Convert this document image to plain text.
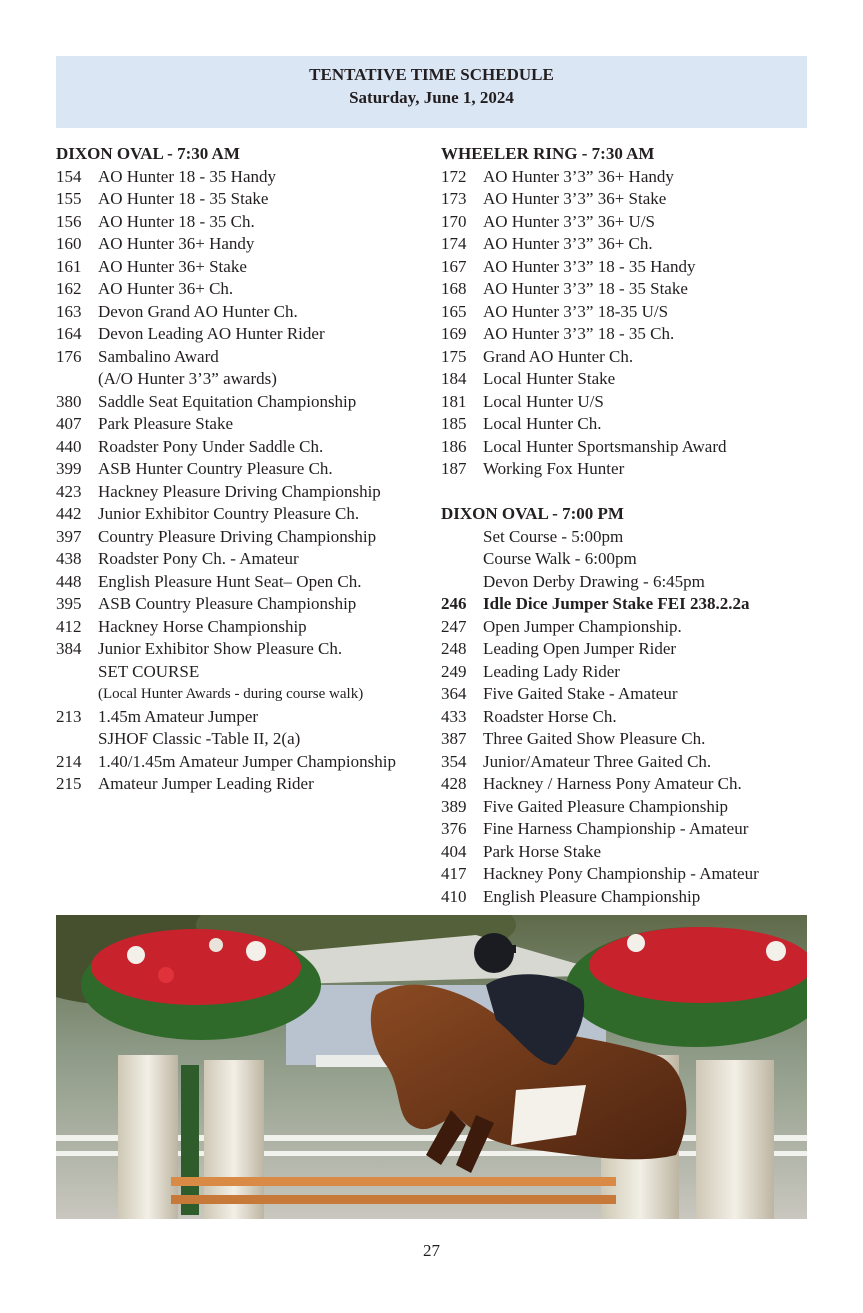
TENTATIVE TIME SCHEDULE
Saturday, June 1, 2024
DIXON OVAL - 7:30 AM
154 AO Hunter 18 - 35 Handy
155 AO Hunter 18 - 35 Stake
156 AO Hunter 18 - 35 Ch.
160 AO Hunter 36+ Handy
161 AO Hunter 36+ Stake
162 AO Hunter 36+ Ch.
163 Devon Grand AO Hunter Ch.
164 Devon Leading AO Hunter Rider
176 Sambalino Award
(A/O Hunter 3’3” awards)
380 Saddle Seat Equitation Championship
407 Park Pleasure Stake
440 Roadster Pony Under Saddle Ch.
399 ASB Hunter Country Pleasure Ch.
423 Hackney Pleasure Driving Championship
442 Junior Exhibitor Country Pleasure Ch.
397 Country Pleasure Driving Championship
438 Roadster Pony Ch. - Amateur
448 English Pleasure Hunt Seat– Open Ch.
395 ASB Country Pleasure Championship
412 Hackney Horse Championship
384 Junior Exhibitor Show Pleasure Ch.
SET COURSE
(Local Hunter Awards - during course walk)
213 1.45m Amateur Jumper
SJHOF Classic -Table II, 2(a)
214 1.40/1.45m Amateur Jumper Championship
215 Amateur Jumper Leading Rider
WHEELER RING - 7:30 AM
172 AO Hunter 3’3” 36+ Handy
173 AO Hunter 3’3” 36+ Stake
170 AO Hunter 3’3” 36+ U/S
174 AO Hunter 3’3” 36+ Ch.
167 AO Hunter 3’3” 18 - 35 Handy
168 AO Hunter 3’3” 18 - 35 Stake
165 AO Hunter 3’3” 18-35 U/S
169 AO Hunter 3’3” 18 - 35 Ch.
175 Grand AO Hunter Ch.
184 Local Hunter Stake
181 Local Hunter U/S
185 Local Hunter Ch.
186 Local Hunter Sportsmanship Award
187 Working Fox Hunter
DIXON OVAL - 7:00 PM
Set Course - 5:00pm
Course Walk - 6:00pm
Devon Derby Drawing - 6:45pm
246 Idle Dice Jumper Stake FEI 238.2.2a
247 Open Jumper Championship.
248 Leading Open Jumper Rider
249 Leading Lady Rider
364 Five Gaited Stake - Amateur
433 Roadster Horse Ch.
387 Three Gaited Show Pleasure Ch.
354 Junior/Amateur Three Gaited Ch.
428 Hackney / Harness Pony Amateur Ch.
389 Five Gaited Pleasure Championship
376 Fine Harness Championship - Amateur
404 Park Horse Stake
417 Hackney Pony Championship - Amateur
410 English Pleasure Championship
27
